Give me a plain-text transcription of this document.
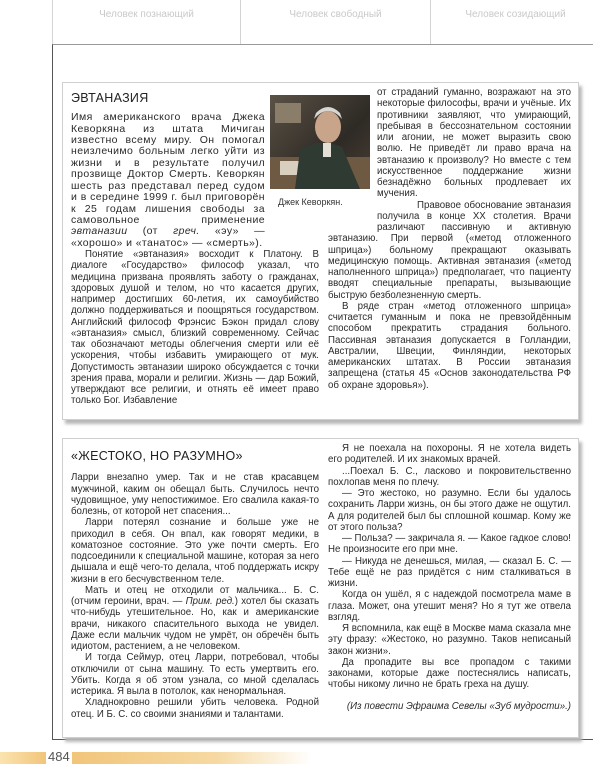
Человек познающий	Человек свободный	Человек созидающий
ЭВТАНАЗИЯ

Имя американского врача Джека Кеворкяна из штата Мичиган известно всему миру. Он помогал неизлечимо больным легко уйти из жизни и в результате получил прозвище Доктор Смерть. Кеворкян шесть раз представал перед судом и в середине 1999 г. был приговорён к 25 годам лишения свободы за самовольное применение эвтаназии (от греч. «эу» — «хорошо» и «танатос» — «смерть»).

Понятие «эвтаназия» восходит к Платону. В диалоге «Государство» философ указал, что медицина призвана проявлять заботу о гражданах, здоровых душой и телом, но что касается других, например достигших 60-летия, их самоубийство должно поддерживаться и поощряться государством. Английский философ Фрэнсис Бэкон придал слову «эвтаназия» смысл, близкий современному. Сейчас так обозначают методы облегчения смерти или её ускорения, чтобы избавить умирающего от мук. Допустимость эвтаназии широко обсуждается с точки зрения права, морали и религии. Жизнь — дар Божий, утверждают все религии, и отнять её имеет право только Бог. Избавление

Джек Кеворкян.

от страданий гуманно, возражают на это некоторые философы, врачи и учёные. Их противники заявляют, что умирающий, пребывая в бессознательном состоянии или агонии, не может выразить свою волю. Не приведёт ли право врача на эвтаназию к произволу? Но вместе с тем искусственное поддержание жизни безнадёжно больных продлевает их мучения.

Правовое обоснование эвтаназия получила в конце XX столетия. Врачи различают пассивную и активную эвтаназию. При первой («метод отложенного шприца») больному прекращают оказывать медицинскую помощь. Активная эвтаназия («метод наполненного шприца») предполагает, что пациенту вводят специальные препараты, вызывающие быструю безболезненную смерть.

В ряде стран «метод отложенного шприца» считается гуманным и пока не превзойдённым способом прекратить страдания больного. Пассивная эвтаназия допускается в Голландии, Австралии, Швеции, Финляндии, некоторых американских штатах. В России эвтаназия запрещена (статья 45 «Основ законодательства РФ об охране здоровья»).

«ЖЕСТОКО, НО РАЗУМНО»

Ларри внезапно умер. Так и не став красавцем мужчиной, каким он обещал быть. Случилось нечто чудовищное, уму непостижимое. Его свалила какая-то болезнь, от которой нет спасения...

Ларри потерял сознание и больше уже не приходил в себя. Он впал, как говорят медики, в коматозное состояние. Это уже почти смерть. Его подсоединили к специальной машине, которая за него дышала и ещё чего-то делала, чтоб поддержать искру жизни в его бесчувственном теле.

Мать и отец не отходили от мальчика... Б. С. (отчим героини, врач. — Прим. ред.) хотел бы сказать что-нибудь утешительное. Но, как и американские врачи, никакого спасительного выхода не увидел. Даже если мальчик чудом не умрёт, он обречён быть идиотом, растением, а не человеком.

И тогда Сеймур, отец Ларри, потребовал, чтобы отключили от сына машину. То есть умертвить его. Убить. Когда я об этом узнала, со мной сделалась истерика. Я выла в потолок, как ненормальная.

Хладнокровно решили убить человека. Родной отец. И Б. С. со своими знаниями и талантами.

Я не поехала на похороны. Я не хотела видеть его родителей. И их знакомых врачей.

...Поехал Б. С., ласково и покровительственно похлопав меня по плечу.

— Это жестоко, но разумно. Если бы удалось сохранить Ларри жизнь, он бы этого даже не ощутил. А для родителей был бы сплошной кошмар. Кому же от этого польза?

— Польза? — закричала я. — Какое гадкое слово! Не произносите его при мне.

— Никуда не денешься, милая, — сказал Б. С. — Тебе ещё не раз придётся с ним сталкиваться в жизни.

Когда он ушёл, я с надеждой посмотрела маме в глаза. Может, она утешит меня? Но я тут же отвела взгляд.

Я вспомнила, как ещё в Москве мама сказала мне эту фразу: «Жестоко, но разумно. Таков неписаный закон жизни».

Да пропадите вы все пропадом с такими законами, которые даже постеснялись написать, чтобы никому лично не брать греха на душу.

(Из повести Эфраима Севелы «Зуб мудрости».)

484
